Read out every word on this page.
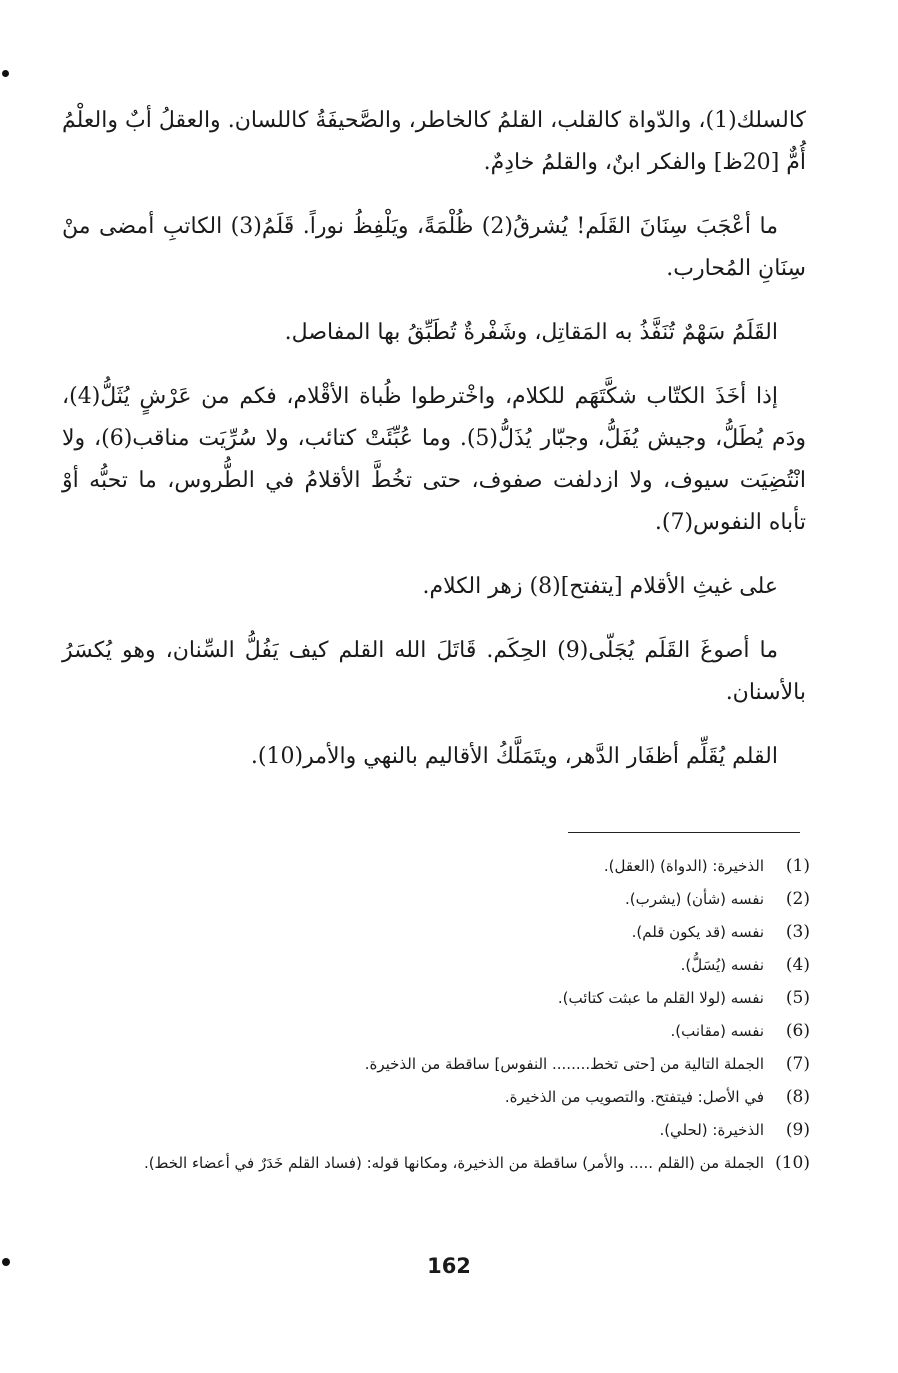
كالسلك(1)، والدّواة كالقلب، القلمُ كالخاطر، والصَّحيفَةُ كاللسان. والعقلُ أبٌ والعلْمُ أُمٌّ [20ظ] والفكر ابنٌ، والقلمُ خادِمٌ.

ما أعْجَبَ سِنَانَ القَلَم! يُشرقُ(2) ظُلْمَةً، ويَلْفِظُ نوراً. قَلَمُ(3) الكاتبِ أمضى منْ سِنَانِ المُحارب.

القَلَمُ سَهْمٌ تُنَفَّذُ به المَقاتِل، وشَفْرةٌ تُطَبِّقُ بها المفاصل.

إذا أخَذَ الكتّاب شكَّتَهَم للكلام، واخْترطوا ظُباة الأقْلام، فكم من عَرْشٍ يُثَلُّ(4)، ودَم يُطَلُّ، وجيش يُفَلُّ، وجبّار يُذَلُّ(5). وما عُبِّئَتْ كتائب، ولا سُرِّيَت مناقب(6)، ولا انْتُضِيَت سيوف، ولا ازدلفت صفوف، حتى تخُطَّ الأقلامُ في الطُّروس، ما تحبُّه أوْ تأباه النفوس(7).

على غيثِ الأقلام [يتفتح](8) زهر الكلام.

ما أصوغَ القَلَم يُجَلّى(9) الحِكَم. قَاتَلَ الله القلم كيف يَفُلُّ السِّنان، وهو يُكسَرُ بالأسنان.

القلم يُقَلِّم أظفَار الدَّهر، ويتَمَلَّكُ الأقاليم بالنهي والأمر(10).

(1)
الذخيرة: (الدواة) (العقل).
(2)
نفسه (شأن) (يشرب).
(3)
نفسه (قد يكون قلم).
(4)
نفسه (يُسَلُّ).
(5)
نفسه (لولا القلم ما عبثت كتائب).
(6)
نفسه (مقانب).
(7)
الجملة التالية من [حتى تخط........ النفوس] ساقطة من الذخيرة.
(8)
في الأصل: فيتفتح. والتصويب من الذخيرة.
(9)
الذخيرة: (لحلي).
(10)
الجملة من (القلم ..... والأمر) ساقطة من الذخيرة، ومكانها قوله: (فساد القلم خَدَرٌ في أعضاء الخط).
162
